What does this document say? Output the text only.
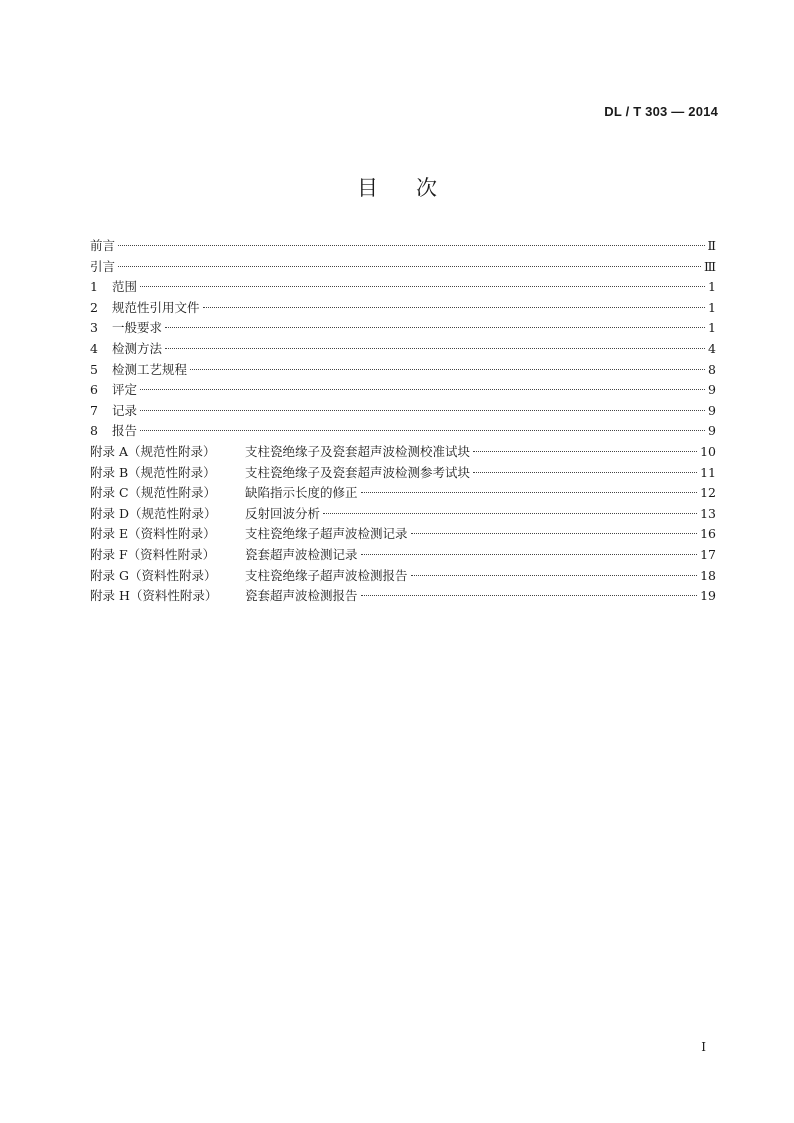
DL / T 303 — 2014
目次
前言	Ⅱ
引言	Ⅲ
1	范围	1
2	规范性引用文件	1
3	一般要求	1
4	检测方法	4
5	检测工艺规程	8
6	评定	9
7	记录	9
8	报告	9
附录 A（规范性附录）	支柱瓷绝缘子及瓷套超声波检测校准试块	10
附录 B（规范性附录）	支柱瓷绝缘子及瓷套超声波检测参考试块	11
附录 C（规范性附录）	缺陷指示长度的修正	12
附录 D（规范性附录）	反射回波分析	13
附录 E（资料性附录）	支柱瓷绝缘子超声波检测记录	16
附录 F（资料性附录）	瓷套超声波检测记录	17
附录 G（资料性附录）	支柱瓷绝缘子超声波检测报告	18
附录 H（资料性附录）	瓷套超声波检测报告	19
I
